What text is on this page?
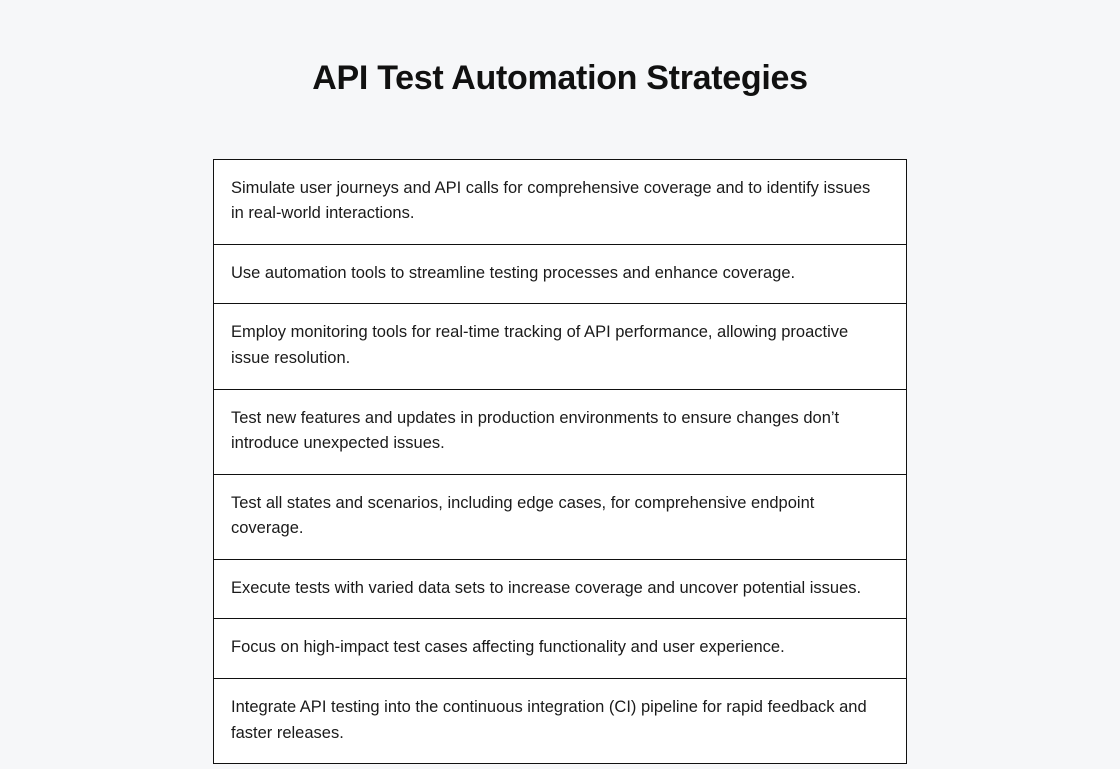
API Test Automation Strategies
Simulate user journeys and API calls for comprehensive coverage and to identify issues in real-world interactions.
Use automation tools to streamline testing processes and enhance coverage.
Employ monitoring tools for real-time tracking of API performance, allowing proactive issue resolution.
Test new features and updates in production environments to ensure changes don’t introduce unexpected issues.
Test all states and scenarios, including edge cases, for comprehensive endpoint coverage.
Execute tests with varied data sets to increase coverage and uncover potential issues.
Focus on high-impact test cases affecting functionality and user experience.
Integrate API testing into the continuous integration (CI) pipeline for rapid feedback and faster releases.
